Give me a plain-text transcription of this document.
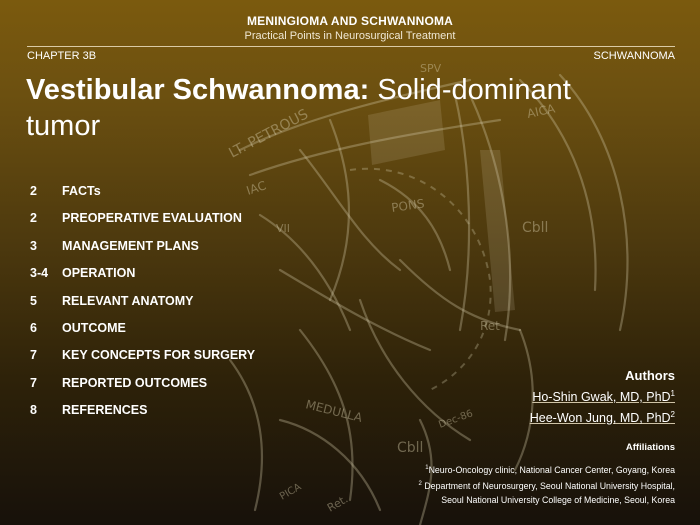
SPV
LT. PETROUS	AICA
IAC
VII
PONS
Cbll
Ret
MEDULLA
Cbll
PICA
Ret.
Dec-86
MENINGIOMA AND SCHWANNOMA
Practical Points in Neurosurgical Treatment
CHAPTER 3B	SCHWANNOMA
Vestibular Schwannoma: Solid-dominant tumor
2	FACTs
2	PREOPERATIVE EVALUATION
3	MANAGEMENT PLANS
3-4	OPERATION
5	RELEVANT ANATOMY
6	OUTCOME
7	KEY CONCEPTS FOR SURGERY
7	REPORTED OUTCOMES
8	REFERENCES
Authors
Ho-Shin Gwak, MD, PhD$^1$
Hee-Won Jung, MD, PhD$^2$
Affiliations
$^1$Neuro-Oncology clinic, National Cancer Center, Goyang, Korea
$^2$ Department of Neurosurgery, Seoul National University Hospital,
Seoul National University College of Medicine, Seoul, Korea
